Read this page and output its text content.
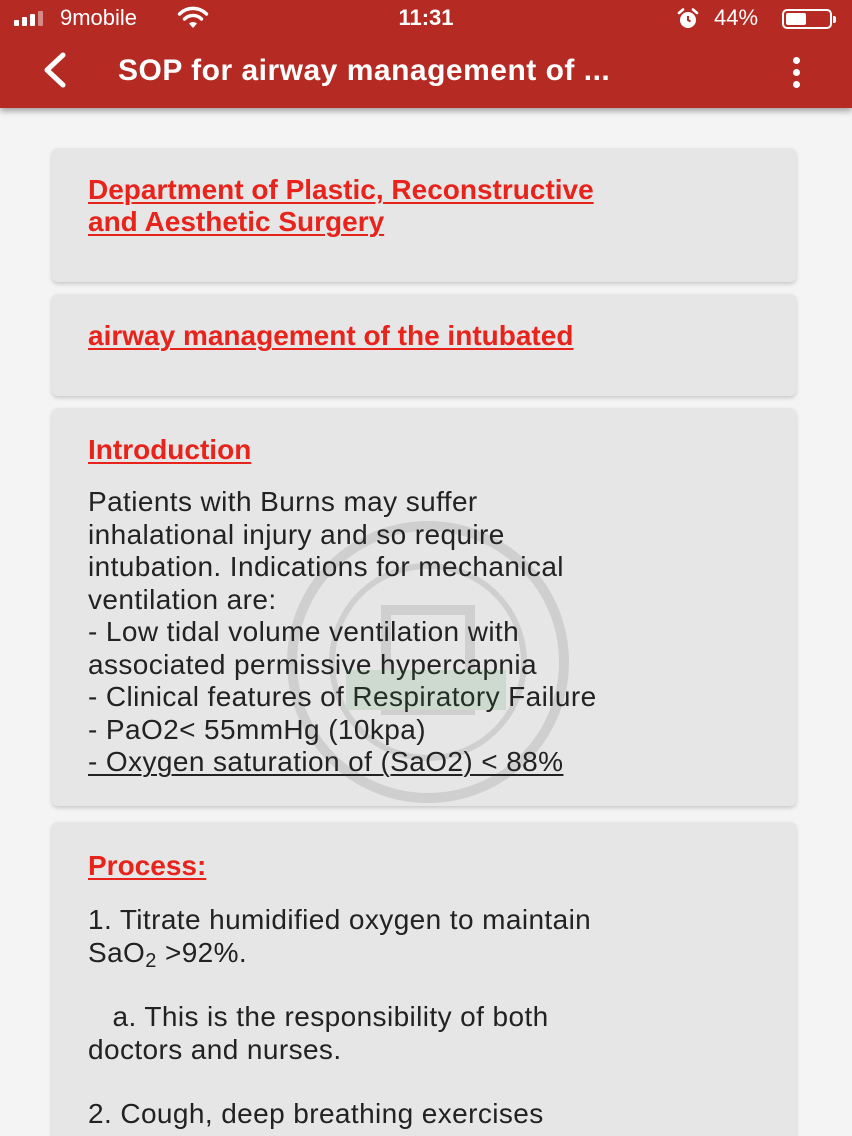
9mobile	11:31	44%
SOP for airway management of ...
Department of Plastic, Reconstructive
and Aesthetic Surgery
airway management of the intubated
Introduction
Patients with Burns may suffer
inhalational injury and so require
intubation. Indications for mechanical
ventilation are:
- Low tidal volume ventilation with
associated permissive hypercapnia
- Clinical features of Respiratory Failure
- PaO2< 55mmHg (10kpa)
- Oxygen saturation of (SaO2) < 88%
Process:
1. Titrate humidified oxygen to maintain
SaO$_2$ >92%.
a. This is the responsibility of both
doctors and nurses.
2. Cough, deep breathing exercises
